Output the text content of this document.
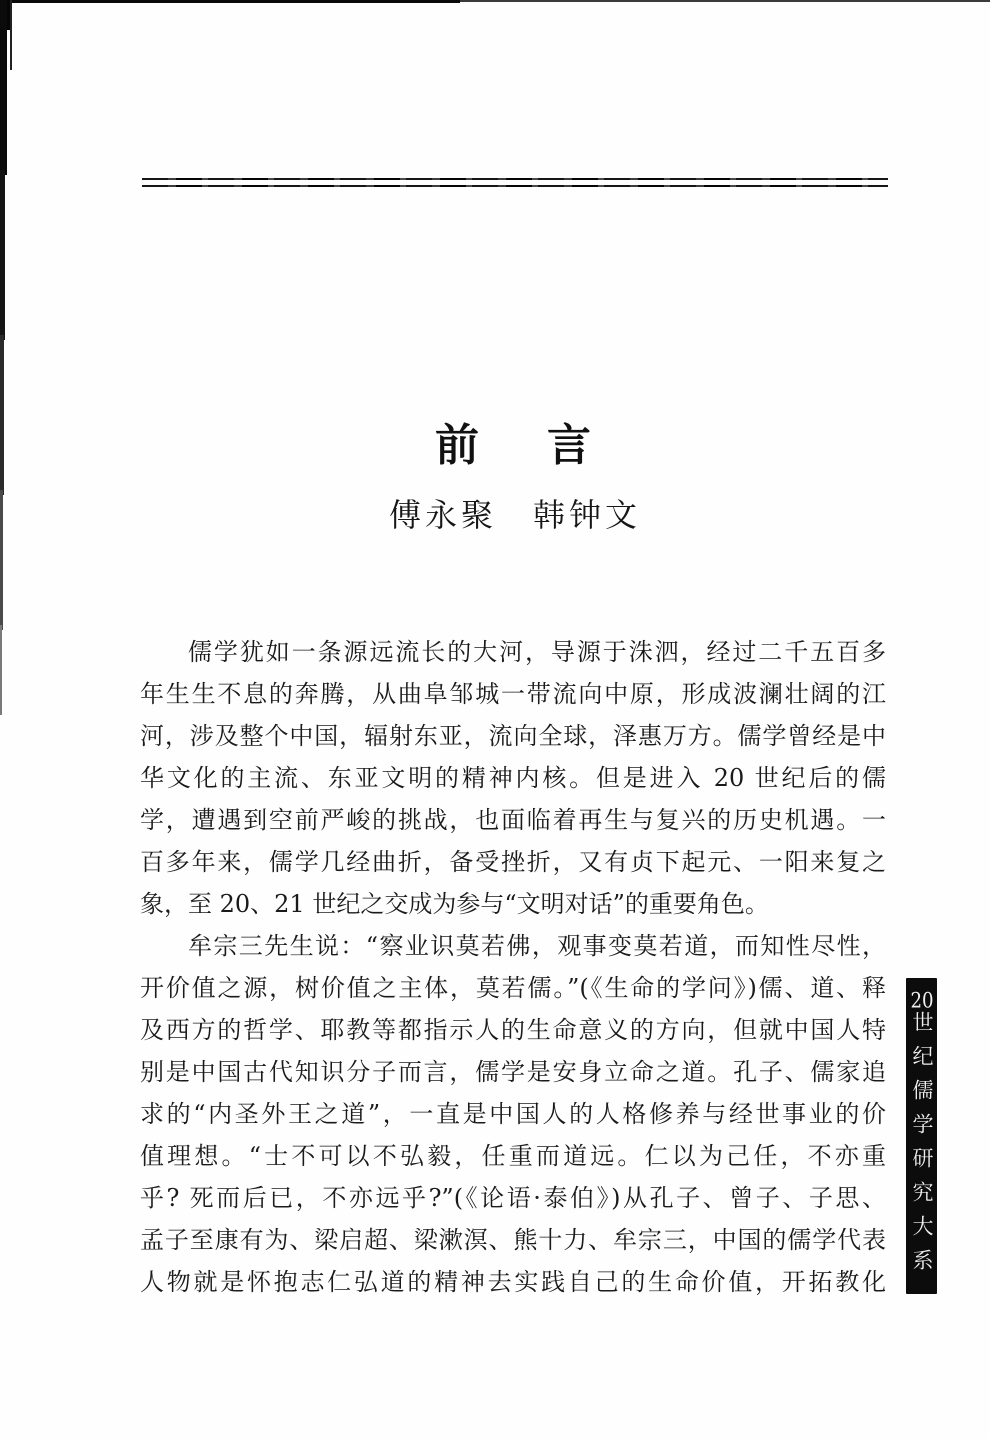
前　言
傅永聚　韩钟文
儒学犹如一条源远流长的大河，导源于洙泗，经过二千五百多
年生生不息的奔腾，从曲阜邹城一带流向中原，形成波澜壮阔的江
河，涉及整个中国，辐射东亚，流向全球，泽惠万方。儒学曾经是中
华文化的主流、东亚文明的精神内核。但是进入 20 世纪后的儒
学，遭遇到空前严峻的挑战，也面临着再生与复兴的历史机遇。一
百多年来，儒学几经曲折，备受挫折，又有贞下起元、一阳来复之
象，至 20、21 世纪之交成为参与“文明对话”的重要角色。
牟宗三先生说：“察业识莫若佛，观事变莫若道，而知性尽性，
开价值之源，树价值之主体，莫若儒。”(《生命的学问》)儒、道、释
及西方的哲学、耶教等都指示人的生命意义的方向，但就中国人特
别是中国古代知识分子而言，儒学是安身立命之道。孔子、儒家追
求的“内圣外王之道”，一直是中国人的人格修养与经世事业的价
值理想。“士不可以不弘毅，任重而道远。仁以为己任，不亦重
乎? 死而后已，不亦远乎?”(《论语·泰伯》)从孔子、曾子、子思、
孟子至康有为、梁启超、梁漱溟、熊十力、牟宗三，中国的儒学代表
人物就是怀抱志仁弘道的精神去实践自己的生命价值，开拓教化
20世纪儒学研究大系
